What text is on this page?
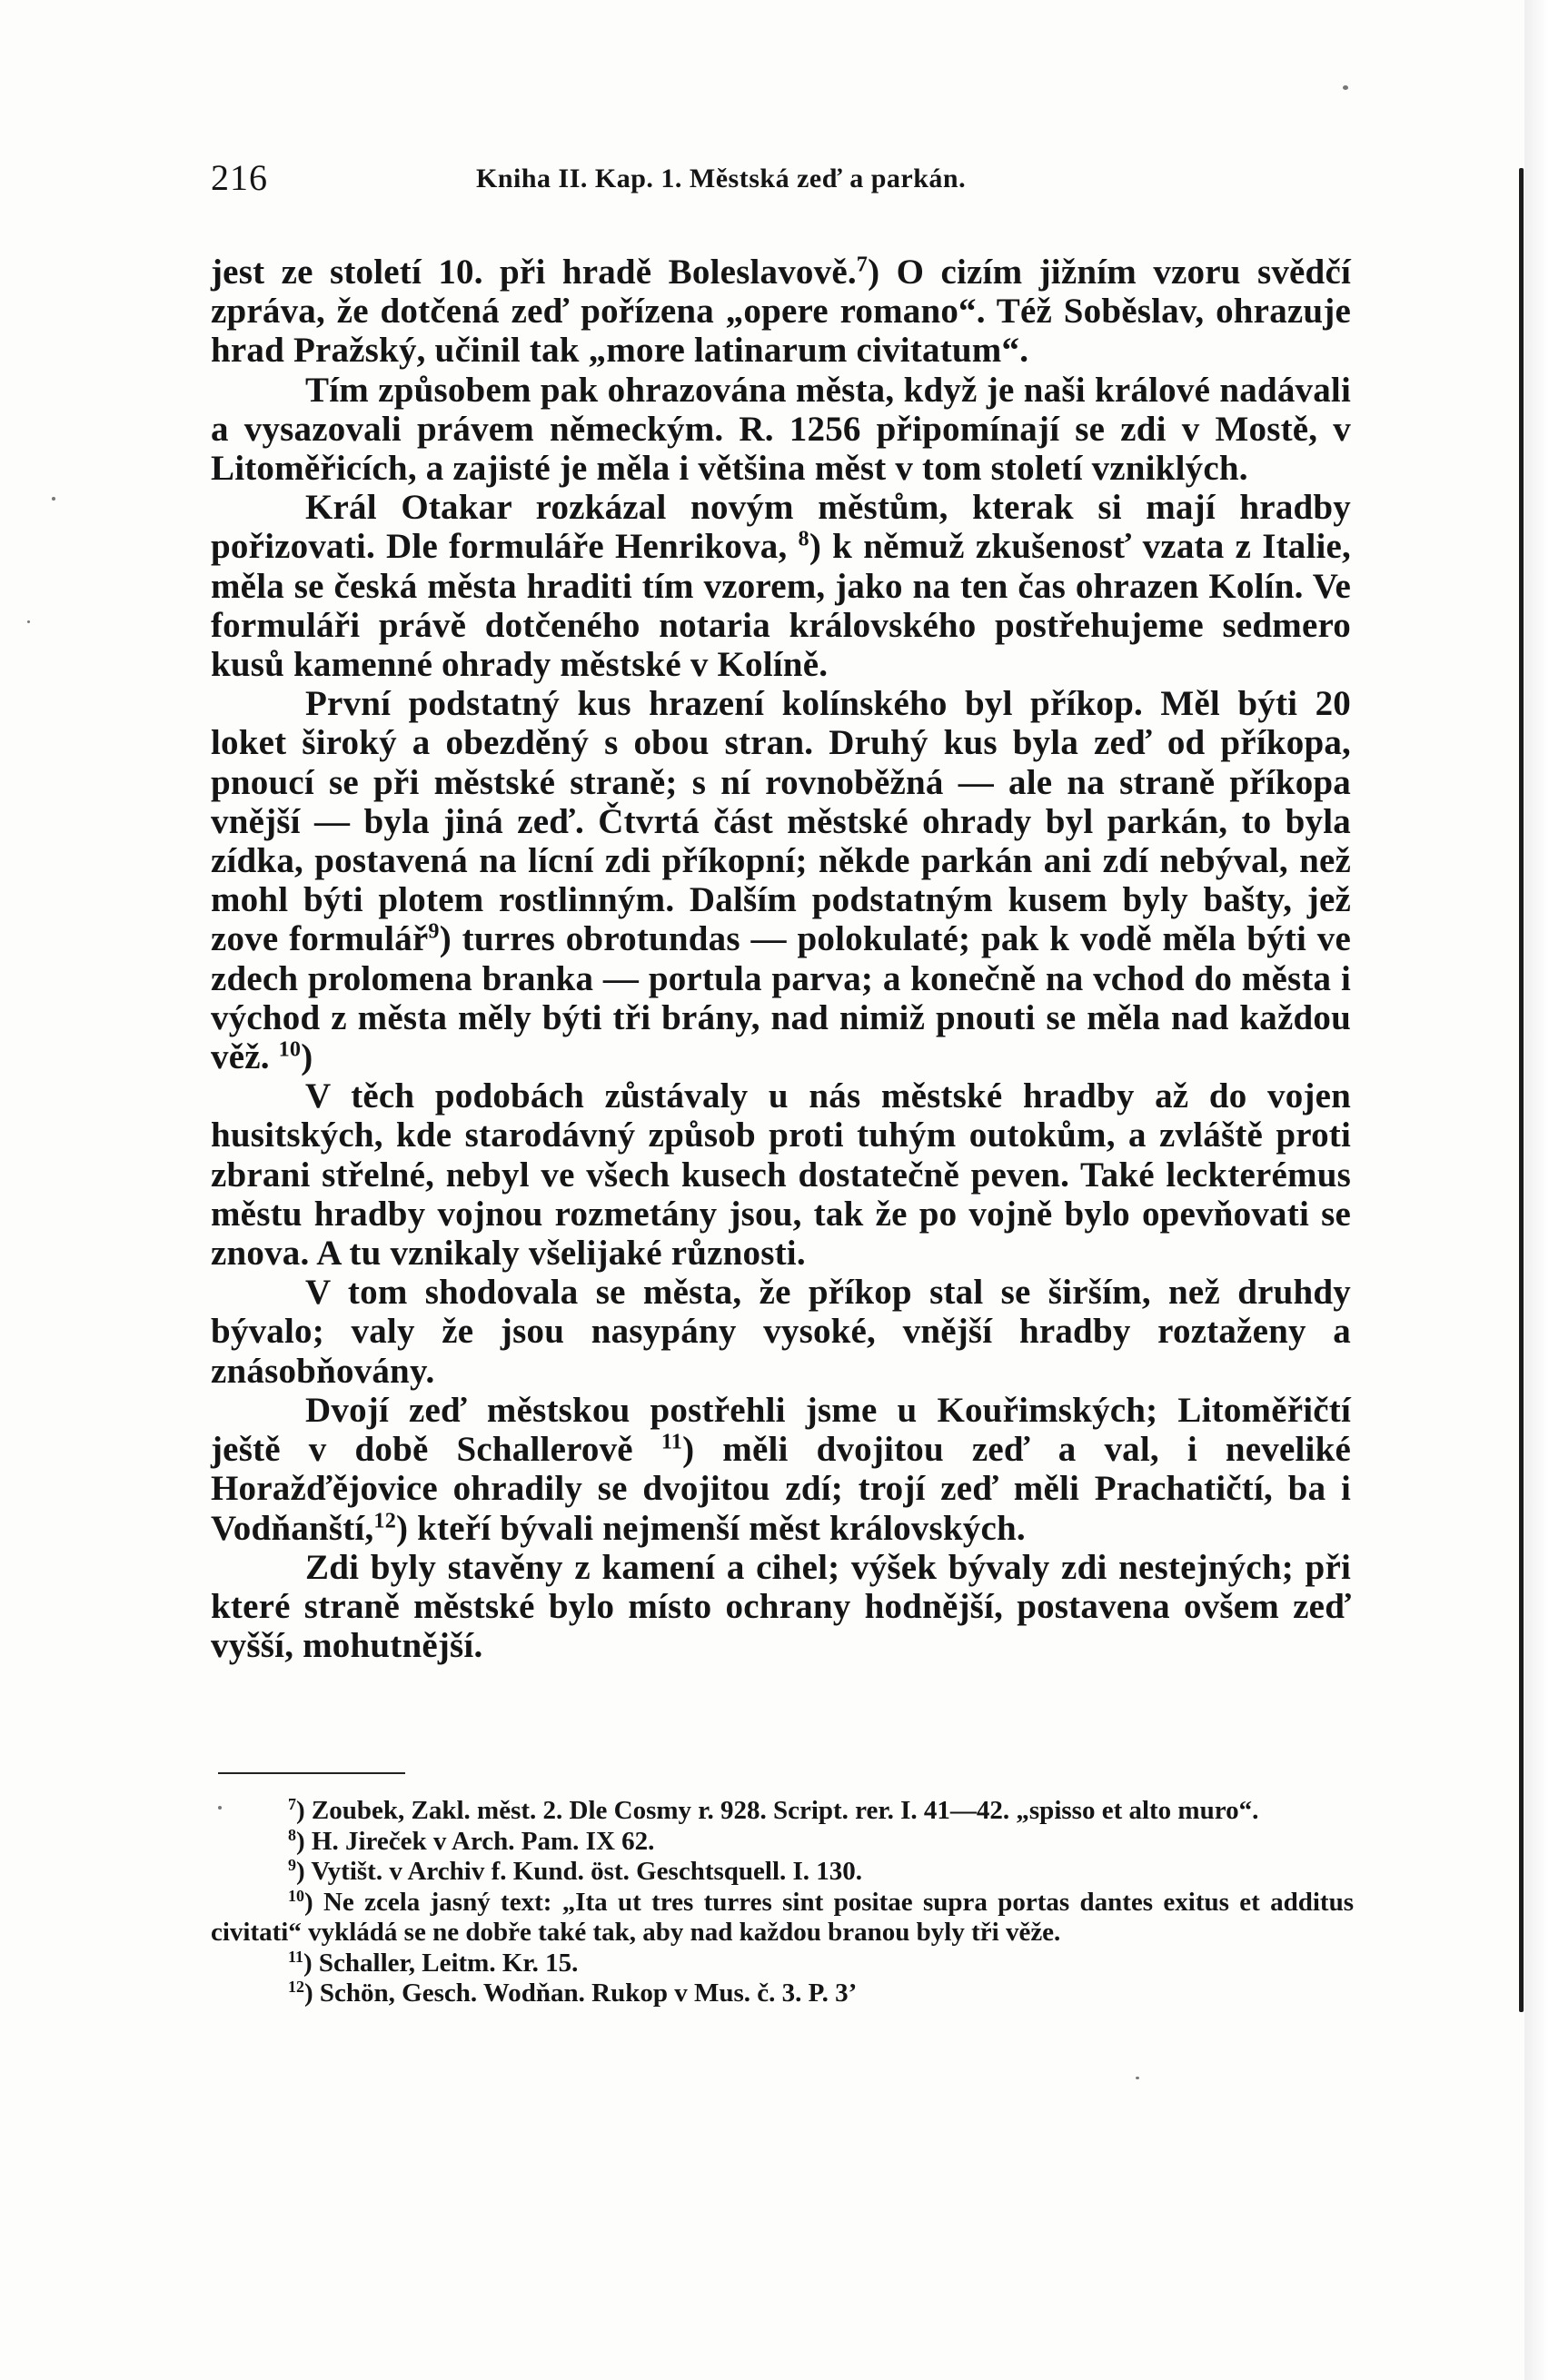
216	Kniha II. Kap. 1. Městská zeď a parkán.

jest ze století 10. při hradě Boleslavově.$^7$) O cizím jižním vzoru svědčí zpráva, že dotčená zeď pořízena „opere romano“. Též Soběslav, ohrazuje hrad Pražský, učinil tak „more latinarum civitatum“.

Tím způsobem pak ohrazována města, když je naši králové nadávali a vysazovali právem německým. R. 1256 připomínají se zdi v Mostě, v Litoměřicích, a zajisté je měla i většina měst v tom století vzniklých.

Král Otakar rozkázal novým městům, kterak si mají hradby pořizovati. Dle formuláře Henrikova, $^8$) k němuž zkušenosť vzata z Italie, měla se česká města hraditi tím vzorem, jako na ten čas ohrazen Kolín. Ve formuláři právě dotčeného notaria královského postřehujeme sedmero kusů kamenné ohrady městské v Kolíně.

První podstatný kus hrazení kolínského byl příkop. Měl býti 20 loket široký a obezděný s obou stran. Druhý kus byla zeď od příkopa, pnoucí se při městské straně; s ní rovnoběžná — ale na straně příkopa vnější — byla jiná zeď. Čtvrtá část městské ohrady byl parkán, to byla zídka, postavená na lícní zdi příkopní; někde parkán ani zdí nebýval, než mohl býti plotem rostlinným. Dalším podstatným kusem byly bašty, jež zove formulář$^9$) turres obrotundas — polokulaté; pak k vodě měla býti ve zdech prolomena branka — portula parva; a konečně na vchod do města i východ z města měly býti tři brány, nad nimiž pnouti se měla nad každou věž. $^{10}$)

V těch podobách zůstávaly u nás městské hradby až do vojen husitských, kde starodávný způsob proti tuhým outokům, a zvláště proti zbrani střelné, nebyl ve všech kusech dostatečně peven. Také leckterémus městu hradby vojnou rozmetány jsou, tak že po vojně bylo opevňovati se znova. A tu vznikaly všelijaké různosti.

V tom shodovala se města, že příkop stal se širším, než druhdy bývalo; valy že jsou nasypány vysoké, vnější hradby roztaženy a znásobňovány.

Dvojí zeď městskou postřehli jsme u Kouřimských; Litoměřičtí ještě v době Schallerově $^{11}$) měli dvojitou zeď a val, i neveliké Horažďějovice ohradily se dvojitou zdí; trojí zeď měli Prachatičtí, ba i Vodňanští,$^{12}$) kteří bývali nejmenší měst královských.

Zdi byly stavěny z kamení a cihel; výšek bývaly zdi nestejných; při které straně městské bylo místo ochrany hodnější, postavena ovšem zeď vyšší, mohutnější.

$^7$) Zoubek, Zakl. měst. 2. Dle Cosmy r. 928. Script. rer. I. 41—42. „spisso et alto muro“.

$^8$) H. Jireček v Arch. Pam. IX 62.

$^9$) Vytišt. v Archiv f. Kund. öst. Geschtsquell. I. 130.

$^{10}$) Ne zcela jasný text: „Ita ut tres turres sint positae supra portas dantes exitus et additus civitati“ vykládá se ne dobře také tak, aby nad každou branou byly tři věže.

$^{11}$) Schaller, Leitm. Kr. 15.

$^{12}$) Schön, Gesch. Wodňan. Rukop v Mus. č. 3. P. 3’
